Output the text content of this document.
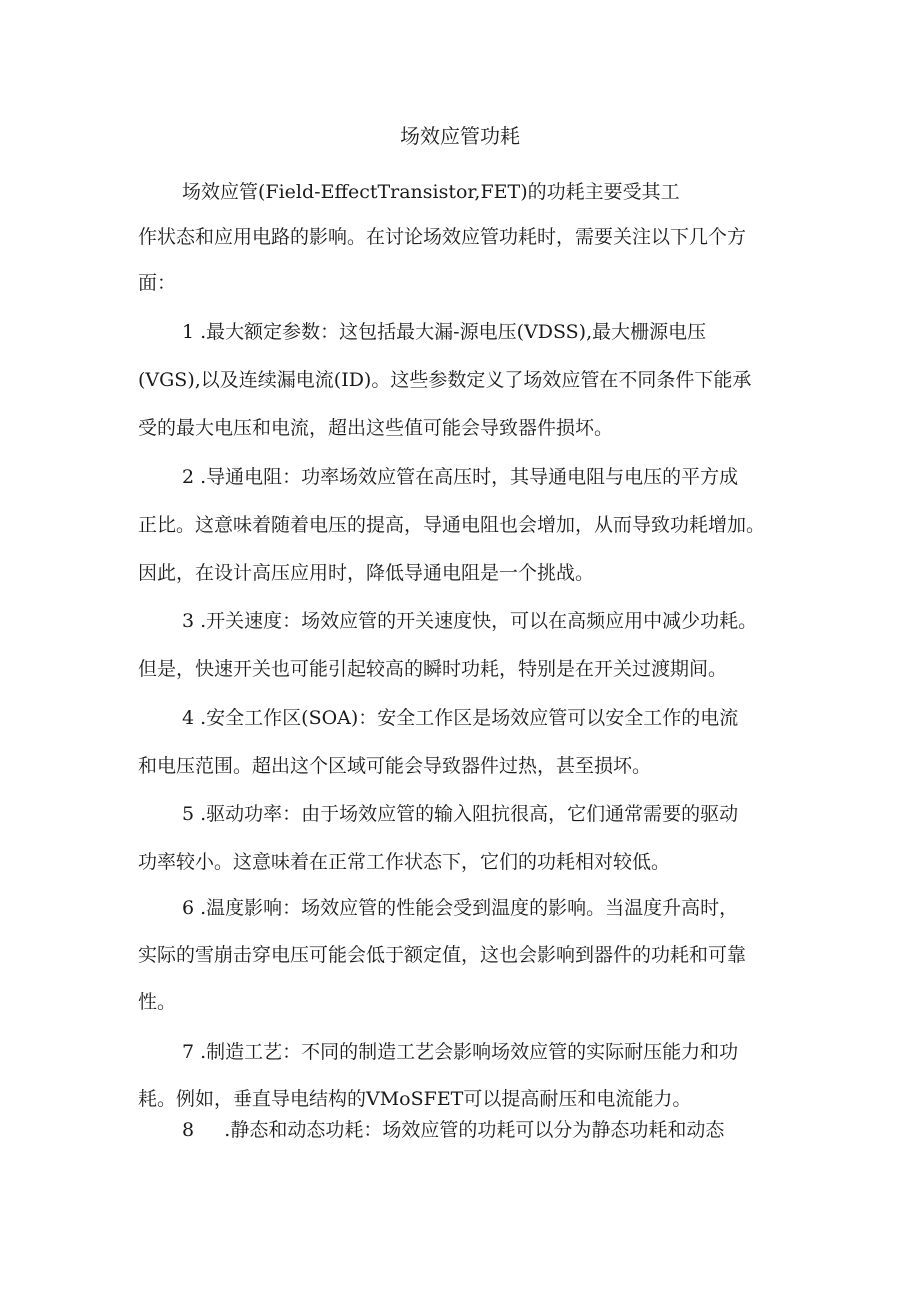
场效应管功耗
场效应管(Field-EffectTransistor,FET)的功耗主要受其工
作状态和应用电路的影响。在讨论场效应管功耗时，需要关注以下几个方
面：
1 .最大额定参数：这包括最大漏-源电压(VDSS),最大栅源电压
(VGS),以及连续漏电流(ID)。这些参数定义了场效应管在不同条件下能承
受的最大电压和电流，超出这些值可能会导致器件损坏。
2 .导通电阻：功率场效应管在高压时，其导通电阻与电压的平方成
正比。这意味着随着电压的提高，导通电阻也会增加，从而导致功耗增加。
因此，在设计高压应用时，降低导通电阻是一个挑战。
3 .开关速度：场效应管的开关速度快，可以在高频应用中减少功耗。
但是，快速开关也可能引起较高的瞬时功耗，特别是在开关过渡期间。
4 .安全工作区(SOA)：安全工作区是场效应管可以安全工作的电流
和电压范围。超出这个区域可能会导致器件过热，甚至损坏。
5 .驱动功率：由于场效应管的输入阻抗很高，它们通常需要的驱动
功率较小。这意味着在正常工作状态下，它们的功耗相对较低。
6 .温度影响：场效应管的性能会受到温度的影响。当温度升高时，
实际的雪崩击穿电压可能会低于额定值，这也会影响到器件的功耗和可靠
性。
7 .制造工艺：不同的制造工艺会影响场效应管的实际耐压能力和功
耗。例如，垂直导电结构的VMoSFET可以提高耐压和电流能力。
8     .静态和动态功耗：场效应管的功耗可以分为静态功耗和动态
